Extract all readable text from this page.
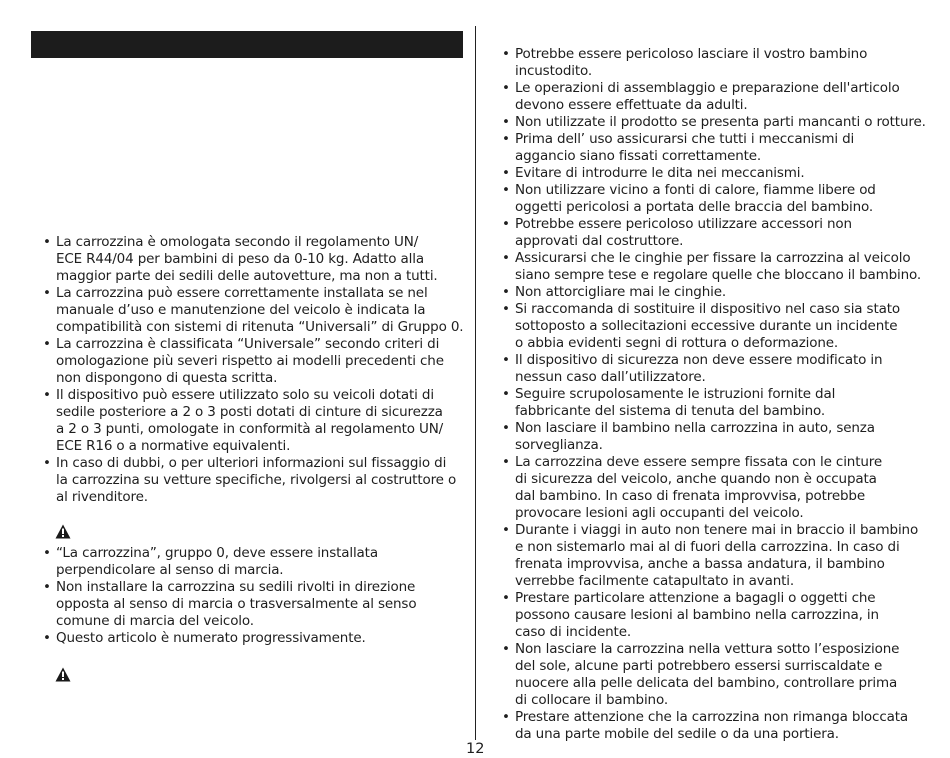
• La carrozzina è omologata secondo il regolamento UN/
ECE R44/04 per bambini di peso da 0-10 kg. Adatto alla
maggior parte dei sedili delle autovetture, ma non a tutti.
• La carrozzina può essere correttamente installata se nel
manuale d’uso e manutenzione del veicolo è indicata la
compatibilità con sistemi di ritenuta “Universali” di Gruppo 0.
• La carrozzina è classificata “Universale” secondo criteri di
omologazione più severi rispetto ai modelli precedenti che
non dispongono di questa scritta.
• Il dispositivo può essere utilizzato solo su veicoli dotati di
sedile posteriore a 2 o 3 posti dotati di cinture di sicurezza
a 2 o 3 punti, omologate in conformità al regolamento UN/
ECE R16 o a normative equivalenti.
• In caso di dubbi, o per ulteriori informazioni sul fissaggio di
la carrozzina su vetture specifiche, rivolgersi al costruttore o
al rivenditore.
• “La carrozzina”, gruppo 0, deve essere installata
perpendicolare al senso di marcia.
• Non installare la carrozzina su sedili rivolti in direzione
opposta al senso di marcia o trasversalmente al senso
comune di marcia del veicolo.
• Questo articolo è numerato progressivamente.
• Potrebbe essere pericoloso lasciare il vostro bambino
incustodito.
• Le operazioni di assemblaggio e preparazione dell'articolo
devono essere effettuate da adulti.
• Non utilizzate il prodotto se presenta parti mancanti o rotture.
• Prima dell’ uso assicurarsi che tutti i meccanismi di
aggancio siano fissati correttamente.
• Evitare di introdurre le dita nei meccanismi.
• Non utilizzare vicino a fonti di calore, fiamme libere od
oggetti pericolosi a portata delle braccia del bambino.
• Potrebbe essere pericoloso utilizzare accessori non
approvati dal costruttore.
• Assicurarsi che le cinghie per fissare la carrozzina al veicolo
siano sempre tese e regolare quelle che bloccano il bambino.
• Non attorcigliare mai le cinghie.
• Si raccomanda di sostituire il dispositivo nel caso sia stato
sottoposto a sollecitazioni eccessive durante un incidente
o abbia evidenti segni di rottura o deformazione.
• Il dispositivo di sicurezza non deve essere modificato in
nessun caso dall’utilizzatore.
• Seguire scrupolosamente le istruzioni fornite dal
fabbricante del sistema di tenuta del bambino.
• Non lasciare il bambino nella carrozzina in auto, senza
sorveglianza.
• La carrozzina deve essere sempre fissata con le cinture
di sicurezza del veicolo, anche quando non è occupata
dal bambino. In caso di frenata improvvisa, potrebbe
provocare lesioni agli occupanti del veicolo.
• Durante i viaggi in auto non tenere mai in braccio il bambino
e non sistemarlo mai al di fuori della carrozzina. In caso di
frenata improvvisa, anche a bassa andatura, il bambino
verrebbe facilmente catapultato in avanti.
• Prestare particolare attenzione a bagagli o oggetti che
possono causare lesioni al bambino nella carrozzina, in
caso di incidente.
• Non lasciare la carrozzina nella vettura sotto l’esposizione
del sole, alcune parti potrebbero essersi surriscaldate e
nuocere alla pelle delicata del bambino, controllare prima
di collocare il bambino.
• Prestare attenzione che la carrozzina non rimanga bloccata
da una parte mobile del sedile o da una portiera.
12
